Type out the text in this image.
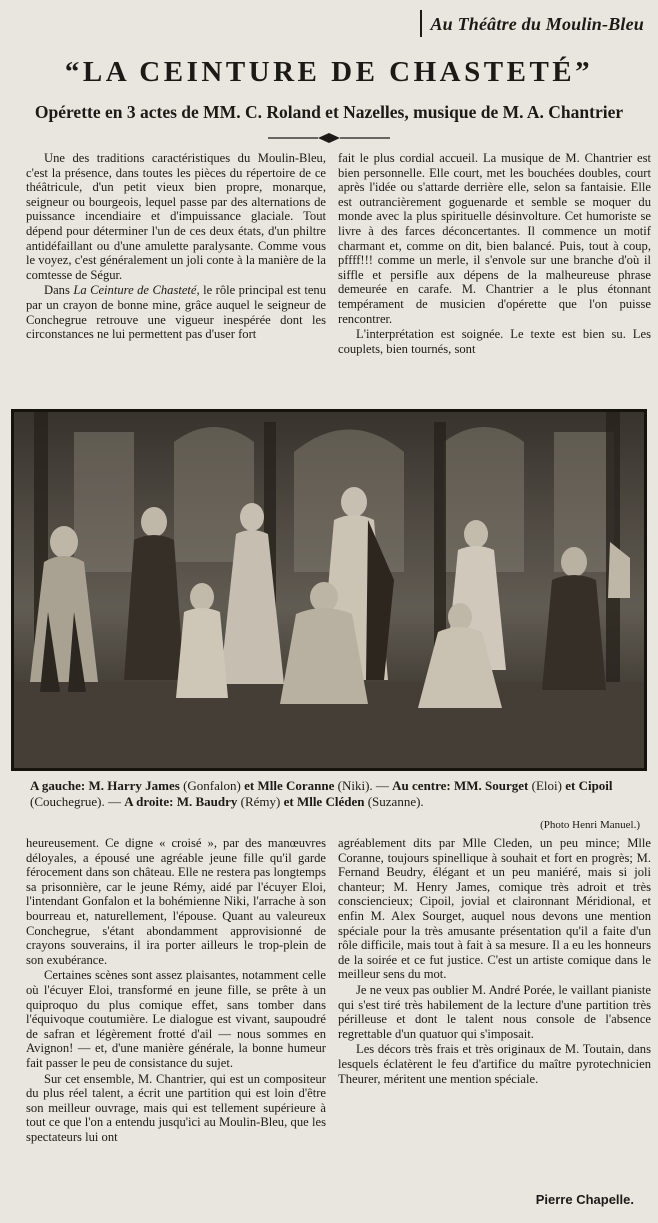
Au Théâtre du Moulin-Bleu
“LA CEINTURE DE CHASTETÉ”
Opérette en 3 actes de MM. C. Roland et Nazelles, musique de M. A. Chantrier

Une des traditions caractéristiques du Moulin-Bleu, c'est la présence, dans toutes les pièces du répertoire de ce théâtricule, d'un petit vieux bien propre, monarque, seigneur ou bourgeois, lequel passe par des alternations de puissance incendiaire et d'impuissance glaciale. Tout dépend pour déterminer l'un de ces deux états, d'un philtre antidéfaillant ou d'une amulette paralysante. Comme vous le voyez, c'est généralement un joli conte à la manière de la comtesse de Ségur.

Dans La Ceinture de Chasteté, le rôle principal est tenu par un crayon de bonne mine, grâce auquel le seigneur de Conchegrue retrouve une vigueur inespérée dont les circonstances ne lui permettent pas d'user fort

fait le plus cordial accueil. La musique de M. Chantrier est bien personnelle. Elle court, met les bouchées doubles, court après l'idée ou s'attarde derrière elle, selon sa fantaisie. Elle est outrancièrement goguenarde et semble se moquer du monde avec la plus spirituelle désinvolture. Cet humoriste se livre à des farces déconcertantes. Il commence un motif charmant et, comme on dit, bien balancé. Puis, tout à coup, pffff!!! comme un merle, il s'envole sur une branche d'où il siffle et persifle aux dépens de la malheureuse phrase demeurée en carafe. M. Chantrier a le plus étonnant tempérament de musicien d'opérette que l'on puisse rencontrer.

L'interprétation est soignée. Le texte est bien su. Les couplets, bien tournés, sont

A gauche: M. Harry James (Gonfalon) et Mlle Coranne (Niki). — Au centre: MM. Sourget (Eloi) et Cipoil (Couchegrue). — A droite: M. Baudry (Rémy) et Mlle Cléden (Suzanne).
(Photo Henri Manuel.)

heureusement. Ce digne « croisé », par des manœuvres déloyales, a épousé une agréable jeune fille qu'il garde férocement dans son château. Elle ne restera pas longtemps sa prisonnière, car le jeune Rémy, aidé par l'écuyer Eloi, l'intendant Gonfalon et la bohémienne Niki, l'arrache à son bourreau et, naturellement, l'épouse. Quant au valeureux Conchegrue, s'étant abondamment approvisionné de crayons souverains, il ira porter ailleurs le trop-plein de son exubérance.

Certaines scènes sont assez plaisantes, notamment celle où l'écuyer Eloi, transformé en jeune fille, se prête à un quiproquo du plus comique effet, sans tomber dans l'équivoque coutumière. Le dialogue est vivant, saupoudré de safran et légèrement frotté d'ail — nous sommes en Avignon! — et, d'une manière générale, la bonne humeur fait passer le peu de consistance du sujet.

Sur cet ensemble, M. Chantrier, qui est un compositeur du plus réel talent, a écrit une partition qui est loin d'être son meilleur ouvrage, mais qui est tellement supérieure à tout ce que l'on a entendu jusqu'ici au Moulin-Bleu, que les spectateurs lui ont

agréablement dits par Mlle Cleden, un peu mince; Mlle Coranne, toujours spinellique à souhait et fort en progrès; M. Fernand Beudry, élégant et un peu maniéré, mais si joli chanteur; M. Henry James, comique très adroit et très consciencieux; Cipoil, jovial et claironnant Méridional, et enfin M. Alex Sourget, auquel nous devons une mention spéciale pour la très amusante présentation qu'il a faite d'un rôle difficile, mais tout à fait à sa mesure. Il a eu les honneurs de la soirée et ce fut justice. C'est un artiste comique dans le meilleur sens du mot.

Je ne veux pas oublier M. André Porée, le vaillant pianiste qui s'est tiré très habilement de la lecture d'une partition très périlleuse et dont le talent nous console de l'absence regrettable d'un quatuor qui s'imposait.

Les décors très frais et très originaux de M. Toutain, dans lesquels éclatèrent le feu d'artifice du maître pyrotechnicien Theurer, méritent une mention spéciale.

Pierre Chapelle.
